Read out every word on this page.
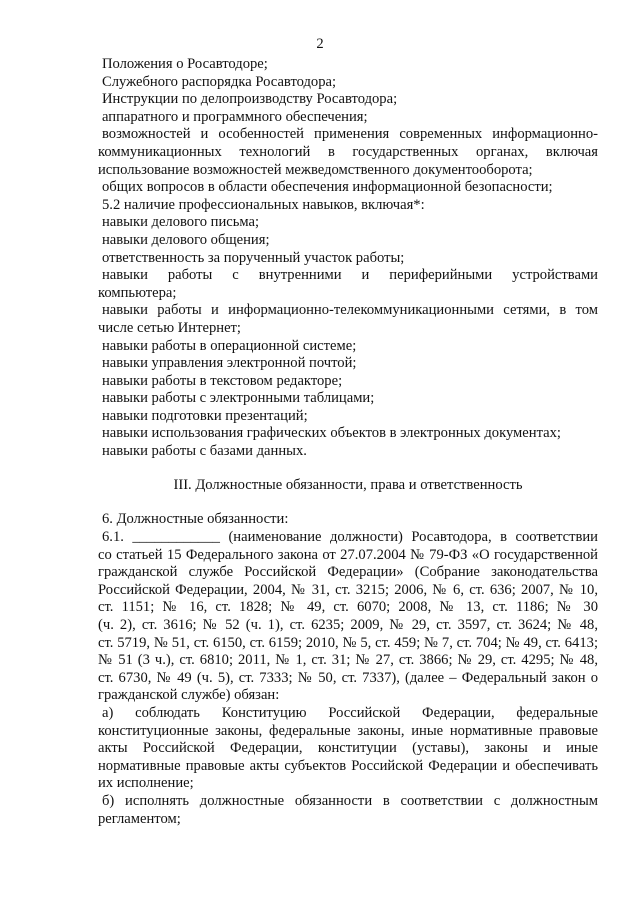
2
Положения о Росавтодоре;
Служебного распорядка Росавтодора;
Инструкции по делопроизводству Росавтодора;
аппаратного и программного обеспечения;
возможностей и особенностей применения современных информационно-
коммуникационных технологий в государственных органах, включая
использование возможностей межведомственного документооборота;
общих вопросов в области обеспечения информационной безопасности;
5.2 наличие профессиональных навыков, включая*:
навыки делового письма;
навыки делового общения;
ответственность за порученный участок работы;
навыки работы с внутренними и периферийными устройствами
компьютера;
навыки работы и информационно-телекоммуникационными сетями, в том
числе сетью Интернет;
навыки работы в операционной системе;
навыки управления электронной почтой;
навыки работы в текстовом редакторе;
навыки работы с электронными таблицами;
навыки подготовки презентаций;
навыки использования графических объектов в электронных документах;
навыки работы с базами данных.
III. Должностные обязанности, права и ответственность
6. Должностные обязанности:
6.1. ____________ (наименование должности) Росавтодора, в соответствии
со статьей 15 Федерального закона от 27.07.2004 № 79-ФЗ «О государственной
гражданской службе Российской Федерации» (Собрание законодательства
Российской Федерации, 2004, № 31, ст. 3215; 2006, № 6, ст. 636; 2007, № 10,
ст. 1151; № 16, ст. 1828; № 49, ст. 6070; 2008, № 13, ст. 1186; № 30
(ч. 2), ст. 3616; № 52 (ч. 1), ст. 6235; 2009, № 29, ст. 3597, ст. 3624; № 48,
ст. 5719, № 51, ст. 6150, ст. 6159; 2010, № 5, ст. 459; № 7, ст. 704; № 49, ст. 6413;
№ 51 (3 ч.), ст. 6810; 2011, № 1, ст. 31; № 27, ст. 3866; № 29, ст. 4295; № 48,
ст. 6730, № 49 (ч. 5), ст. 7333; № 50, ст. 7337), (далее – Федеральный закон о
гражданской службе) обязан:
а) соблюдать Конституцию Российской Федерации, федеральные
конституционные законы, федеральные законы, иные нормативные правовые
акты Российской Федерации, конституции (уставы), законы и иные
нормативные правовые акты субъектов Российской Федерации и обеспечивать
их исполнение;
б) исполнять должностные обязанности в соответствии с должностным
регламентом;
